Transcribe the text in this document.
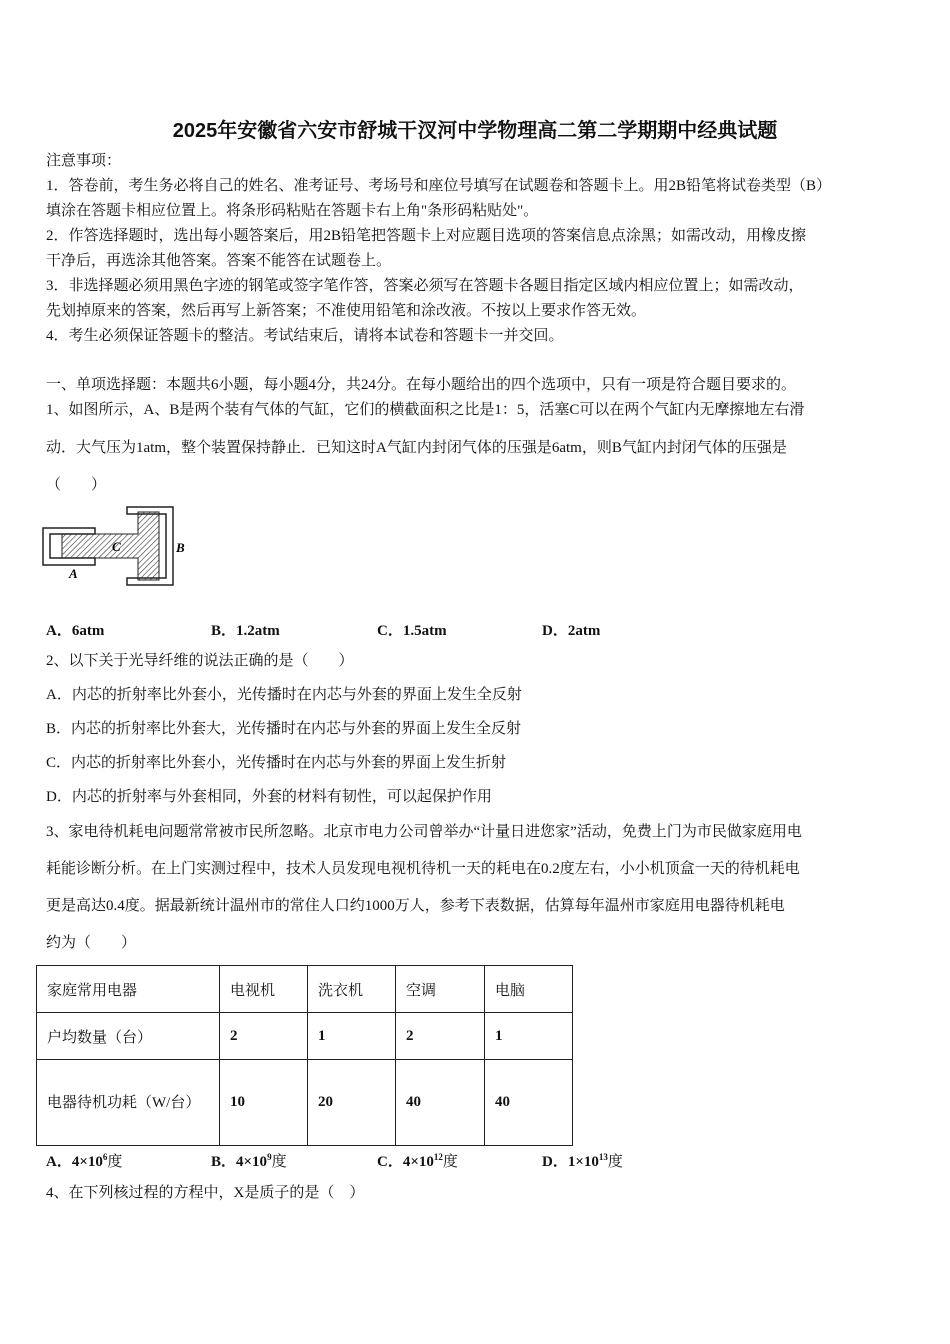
2025年安徽省六安市舒城干汊河中学物理高二第二学期期中经典试题
注意事项：
1．答卷前，考生务必将自己的姓名、准考证号、考场号和座位号填写在试题卷和答题卡上。用2B铅笔将试卷类型（B）
填涂在答题卡相应位置上。将条形码粘贴在答题卡右上角"条形码粘贴处"。
2．作答选择题时，选出每小题答案后，用2B铅笔把答题卡上对应题目选项的答案信息点涂黑；如需改动，用橡皮擦
干净后，再选涂其他答案。答案不能答在试题卷上。
3．非选择题必须用黑色字迹的钢笔或签字笔作答，答案必须写在答题卡各题目指定区域内相应位置上；如需改动，
先划掉原来的答案，然后再写上新答案；不准使用铅笔和涂改液。不按以上要求作答无效。
4．考生必须保证答题卡的整洁。考试结束后，请将本试卷和答题卡一并交回。
一、单项选择题：本题共6小题，每小题4分，共24分。在每小题给出的四个选项中，只有一项是符合题目要求的。
1、如图所示，A、B是两个装有气体的气缸，它们的横截面积之比是1：5，活塞C可以在两个气缸内无摩擦地左右滑
动．大气压为1atm，整个装置保持静止．已知这时A气缸内封闭气体的压强是6atm，则B气缸内封闭气体的压强是
（　　）
C	B
A
A．6atm	B．1.2atm	C．1.5atm	D．2atm
2、以下关于光导纤维的说法正确的是（　　）
A．内芯的折射率比外套小，光传播时在内芯与外套的界面上发生全反射
B．内芯的折射率比外套大，光传播时在内芯与外套的界面上发生全反射
C．内芯的折射率比外套小，光传播时在内芯与外套的界面上发生折射
D．内芯的折射率与外套相同，外套的材料有韧性，可以起保护作用
3、家电待机耗电问题常常被市民所忽略。北京市电力公司曾举办“计量日进您家”活动，免费上门为市民做家庭用电
耗能诊断分析。在上门实测过程中，技术人员发现电视机待机一天的耗电在0.2度左右，小小机顶盒一天的待机耗电
更是高达0.4度。据最新统计温州市的常住人口约1000万人，参考下表数据，估算每年温州市家庭用电器待机耗电
约为（　　）
家庭常用电器	电视机	洗衣机	空调	电脑
户均数量（台）	2	1	2	1
电器待机功耗（W/台）	10	20	40	40
A．$4\times 10^6$度	B．$4\times 10^9$度	C．$4\times 10^{12}$度	D．$1\times 10^{13}$度
4、在下列核过程的方程中，X是质子的是（　）
